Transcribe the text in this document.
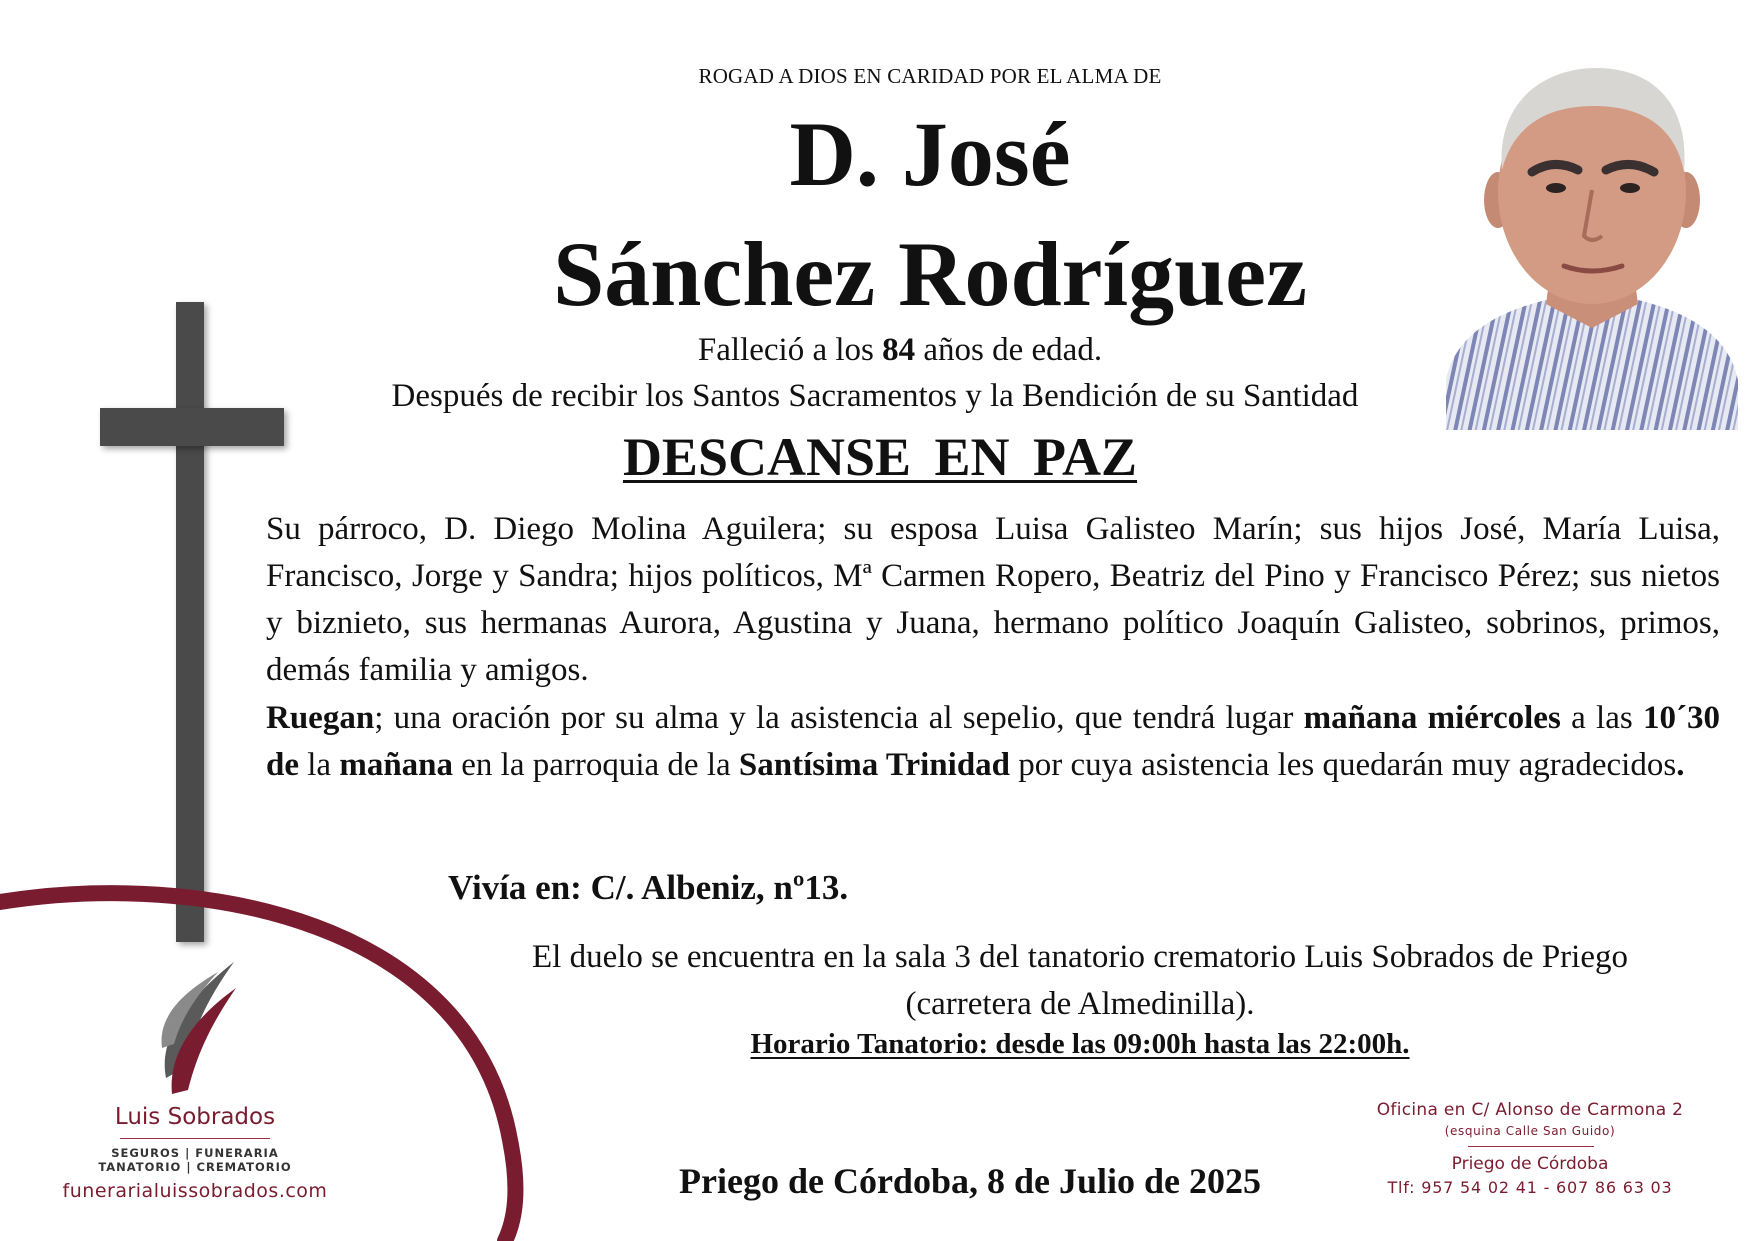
ROGAD A DIOS EN CARIDAD POR EL ALMA DE
D. José
Sánchez Rodríguez
Falleció a los 84 años de edad.
Después de recibir los Santos Sacramentos y la Bendición de su Santidad
DESCANSE EN PAZ

Su párroco, D. Diego Molina Aguilera; su esposa Luisa Galisteo Marín; sus hijos José, María Luisa, Francisco, Jorge y Sandra; hijos políticos, Mª Carmen Ropero, Beatriz del Pino y Francisco Pérez; sus nietos y biznieto, sus hermanas Aurora, Agustina y Juana, hermano político Joaquín Galisteo, sobrinos, primos, demás familia y amigos.

Ruegan; una oración por su alma y la asistencia al sepelio, que tendrá lugar mañana miércoles a las 10´30 de la mañana en la parroquia de la Santísima Trinidad por cuya asistencia les quedarán muy agradecidos.

Vivía en: C/. Albeniz, nº13.
El duelo se encuentra en la sala 3 del tanatorio crematorio Luis Sobrados de Priego
(carretera de Almedinilla).
Horario Tanatorio: desde las 09:00h hasta las 22:00h.
Priego de Córdoba, 8 de Julio de 2025
Luis Sobrados
SEGUROS | FUNERARIA
TANATORIO | CREMATORIO
funerarialuissobrados.com
Oficina en C/ Alonso de Carmona 2
(esquina Calle San Guido)
Priego de Córdoba
Tlf: 957 54 02 41 - 607 86 63 03
